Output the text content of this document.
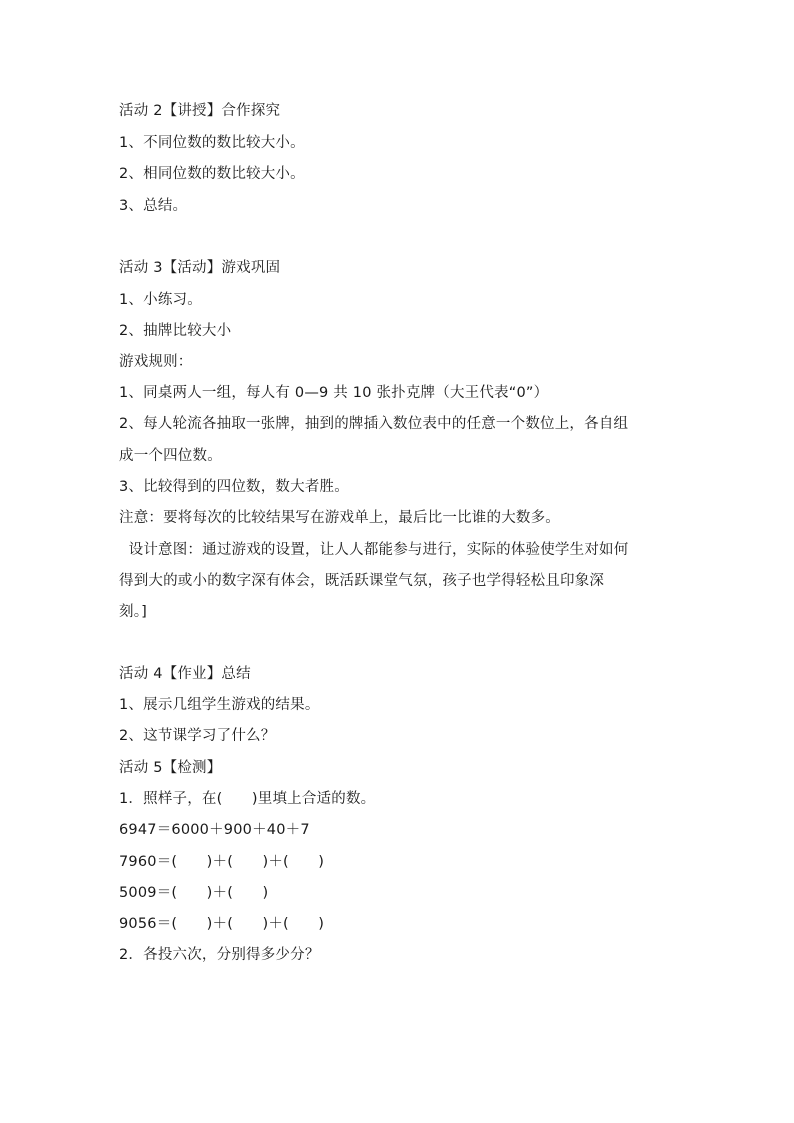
活动 2【讲授】合作探究
1、不同位数的数比较大小。
2、相同位数的数比较大小。
3、总结。
活动 3【活动】游戏巩固
1、小练习。
2、抽牌比较大小
游戏规则：
1、同桌两人一组，每人有 0—9 共 10 张扑克牌（大王代表“0”）
2、每人轮流各抽取一张牌，抽到的牌插入数位表中的任意一个数位上，各自组
成一个四位数。
3、比较得到的四位数，数大者胜。
注意：要将每次的比较结果写在游戏单上，最后比一比谁的大数多。
设计意图：通过游戏的设置，让人人都能参与进行，实际的体验使学生对如何
得到大的或小的数字深有体会，既活跃课堂气氛，孩子也学得轻松且印象深
刻。]
活动 4【作业】总结
1、展示几组学生游戏的结果。
2、这节课学习了什么？
活动 5【检测】
1．照样子，在(　　)里填上合适的数。
6947＝6000＋900＋40＋7
7960＝(　　)＋(　　)＋(　　)
5009＝(　　)＋(　　)
9056＝(　　)＋(　　)＋(　　)
2．各投六次，分别得多少分？
